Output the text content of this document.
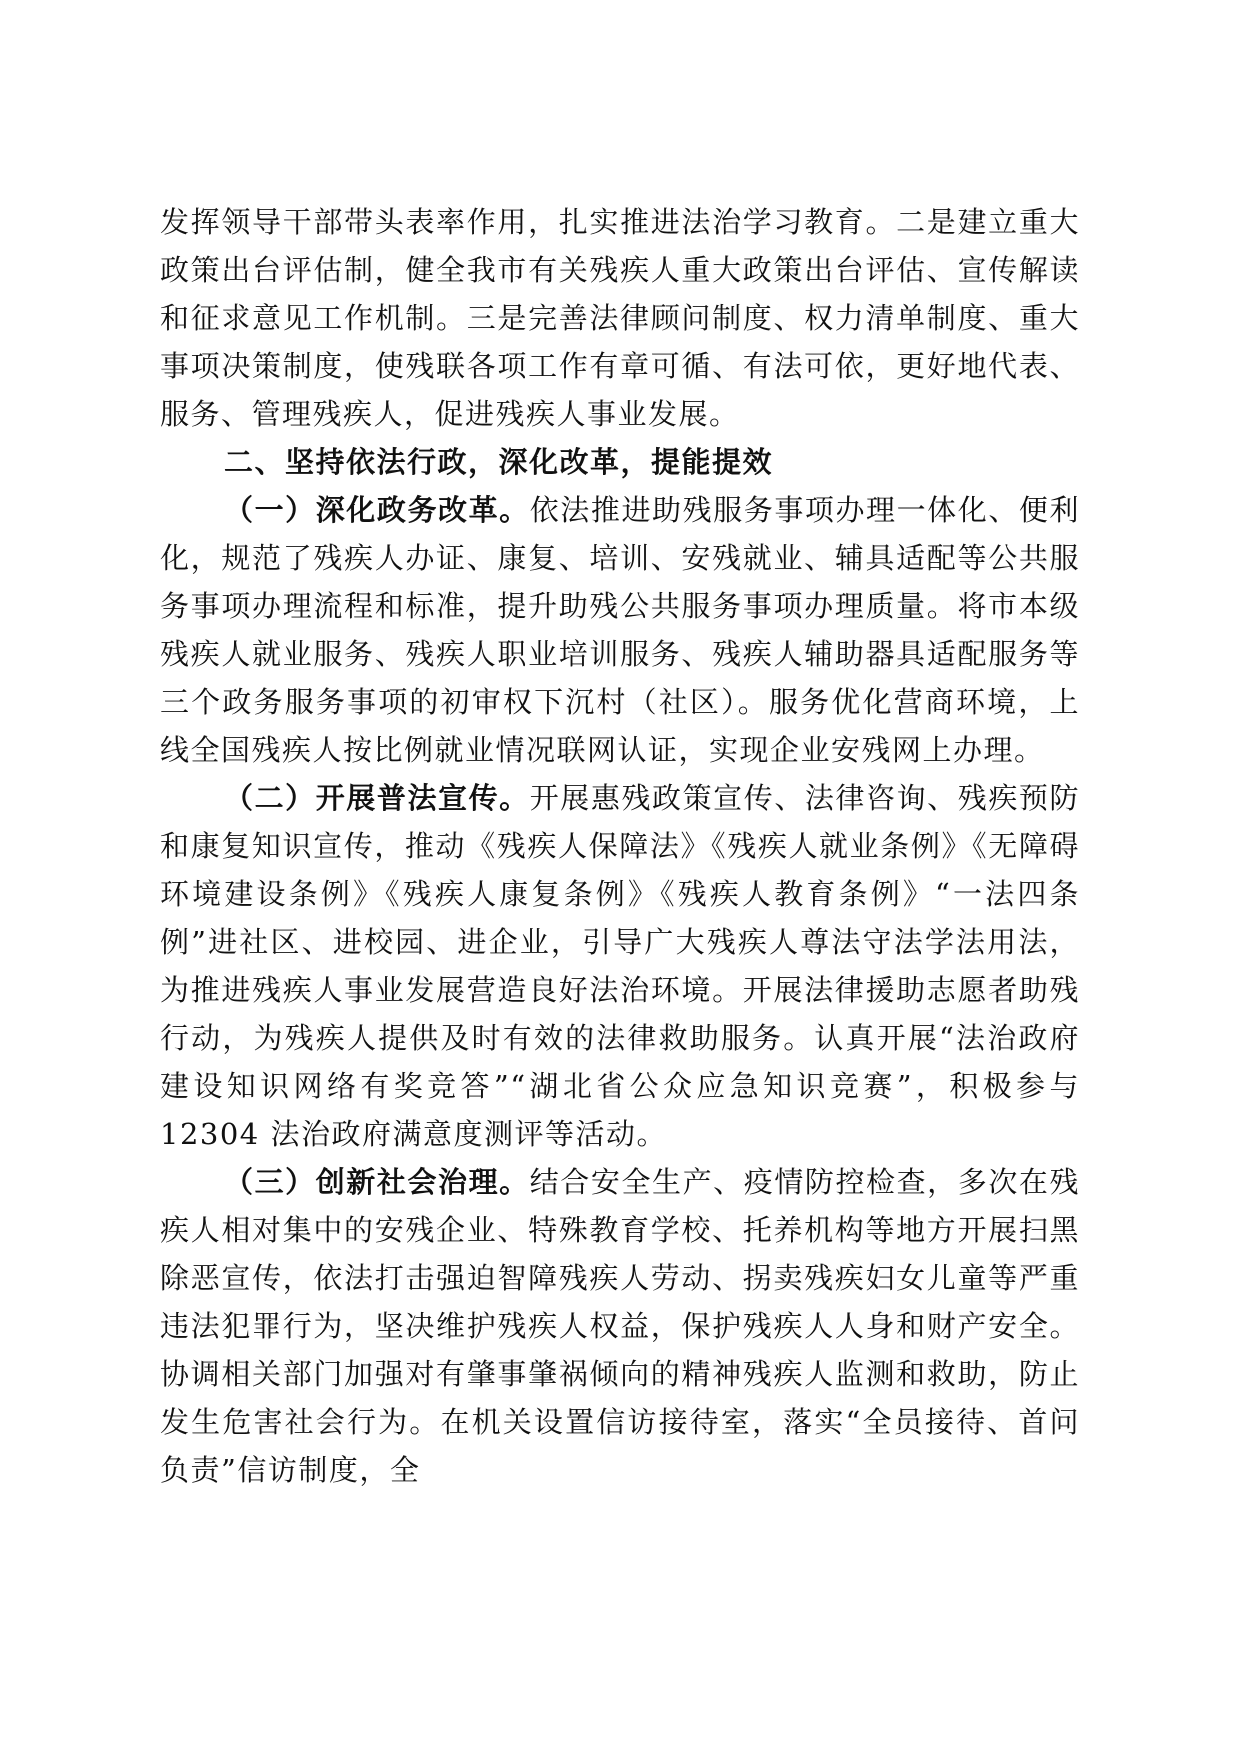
发挥领导干部带头表率作用，扎实推进法治学习教育。二是建立重大政策出台评估制，健全我市有关残疾人重大政策出台评估、宣传解读和征求意见工作机制。三是完善法律顾问制度、权力清单制度、重大事项决策制度，使残联各项工作有章可循、有法可依，更好地代表、服务、管理残疾人，促进残疾人事业发展。

二、坚持依法行政，深化改革，提能提效

（一）深化政务改革。依法推进助残服务事项办理一体化、便利化，规范了残疾人办证、康复、培训、安残就业、辅具适配等公共服务事项办理流程和标准，提升助残公共服务事项办理质量。将市本级残疾人就业服务、残疾人职业培训服务、残疾人辅助器具适配服务等三个政务服务事项的初审权下沉村（社区）。服务优化营商环境，上线全国残疾人按比例就业情况联网认证，实现企业安残网上办理。

（二）开展普法宣传。开展惠残政策宣传、法律咨询、残疾预防和康复知识宣传，推动《残疾人保障法》《残疾人就业条例》《无障碍环境建设条例》《残疾人康复条例》《残疾人教育条例》“一法四条例”进社区、进校园、进企业，引导广大残疾人尊法守法学法用法，为推进残疾人事业发展营造良好法治环境。开展法律援助志愿者助残行动，为残疾人提供及时有效的法律救助服务。认真开展“法治政府建设知识网络有奖竞答”“湖北省公众应急知识竞赛”，积极参与 12304 法治政府满意度测评等活动。

（三）创新社会治理。结合安全生产、疫情防控检查，多次在残疾人相对集中的安残企业、特殊教育学校、托养机构等地方开展扫黑除恶宣传，依法打击强迫智障残疾人劳动、拐卖残疾妇女儿童等严重违法犯罪行为，坚决维护残疾人权益，保护残疾人人身和财产安全。协调相关部门加强对有肇事肇祸倾向的精神残疾人监测和救助，防止发生危害社会行为。在机关设置信访接待室，落实“全员接待、首问负责”信访制度，全
